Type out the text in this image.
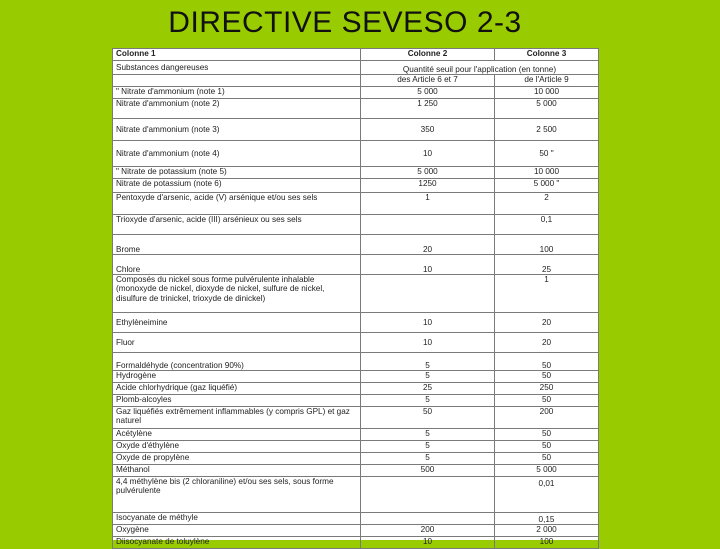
DIRECTIVE SEVESO 2-3
Colonne 1	Colonne 2	Colonne 3
Substances dangereuses	Quantité seuil pour l'application (en tonne)	
	des Article 6 et 7	de l'Article 9
" Nitrate d'ammonium (note 1)	5 000	10 000
Nitrate d'ammonium (note 2)	1 250	5 000
Nitrate d'ammonium (note 3)	350	2 500
Nitrate d'ammonium (note 4)	10	50 "
" Nitrate de potassium (note 5)	5 000	10 000
Nitrate de potassium (note 6)	1250	5 000 "
Pentoxyde d'arsenic, acide (V) arsénique et/ou ses sels	1	2
Trioxyde d'arsenic, acide (III) arsénieux ou ses sels		0,1
Brome	20	100
Chlore	10	25
Composés du nickel sous forme pulvérulente inhalable (monoxyde de nickel, dioxyde de nickel, sulfure de nickel, disulfure de trinickel, trioxyde de dinickel)		1
Ethylèneimine	10	20
Fluor	10	20
Formaldéhyde (concentration 90%)	5	50
Hydrogène	5	50
Acide chlorhydrique (gaz liquéfié)	25	250
Plomb-alcoyles	5	50
Gaz liquéfiés extrêmement inflammables (y compris GPL) et gaz naturel	50	200
Acétylène	5	50
Oxyde d'éthylène	5	50
Oxyde de propylène	5	50
Méthanol	500	5 000
4,4 méthylène bis (2 chloraniline) et/ou ses sels, sous forme pulvérulente		0,01
Isocyanate de méthyle		0,15
Oxygène	200	2 000
Diisocyanate de toluylène	10	100
